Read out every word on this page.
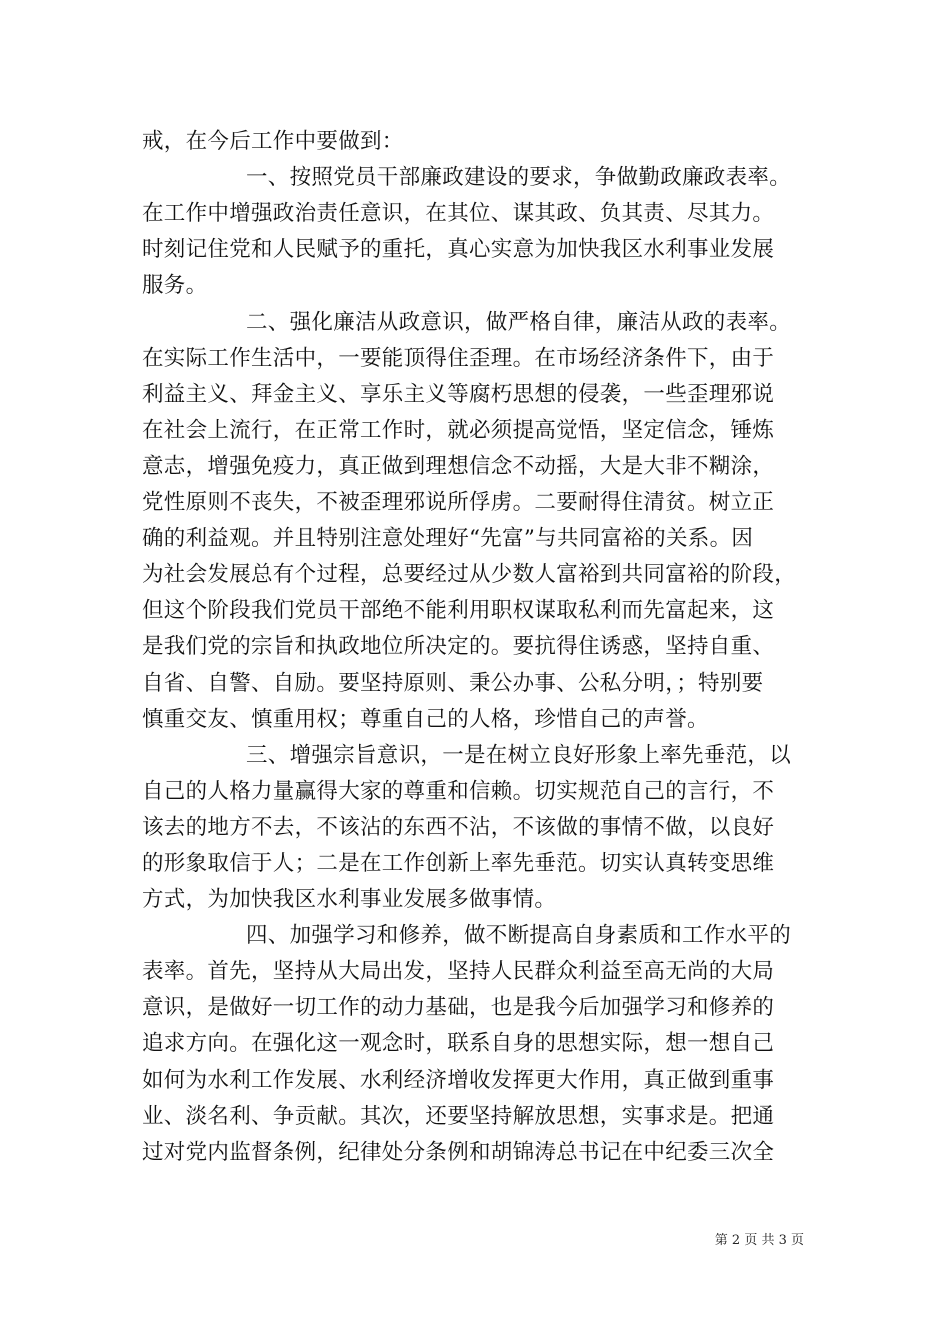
戒，在今后工作中要做到：
一、按照党员干部廉政建设的要求，争做勤政廉政表率。
在工作中增强政治责任意识，在其位、谋其政、负其责、尽其力。
时刻记住党和人民赋予的重托，真心实意为加快我区水利事业发展
服务。
二、强化廉洁从政意识，做严格自律，廉洁从政的表率。
在实际工作生活中，一要能顶得住歪理。在市场经济条件下，由于
利益主义、拜金主义、享乐主义等腐朽思想的侵袭，一些歪理邪说
在社会上流行，在正常工作时，就必须提高觉悟，坚定信念，锤炼
意志，增强免疫力，真正做到理想信念不动摇，大是大非不糊涂，
党性原则不丧失，不被歪理邪说所俘虏。二要耐得住清贫。树立正
确的利益观。并且特别注意处理好“先富”与共同富裕的关系。因
为社会发展总有个过程，总要经过从少数人富裕到共同富裕的阶段，
但这个阶段我们党员干部绝不能利用职权谋取私利而先富起来，这
是我们党的宗旨和执政地位所决定的。要抗得住诱惑，坚持自重、
自省、自警、自励。要坚持原则、秉公办事、公私分明，；特别要
慎重交友、慎重用权；尊重自己的人格，珍惜自己的声誉。
三、增强宗旨意识，一是在树立良好形象上率先垂范，以
自己的人格力量赢得大家的尊重和信赖。切实规范自己的言行，不
该去的地方不去，不该沾的东西不沾，不该做的事情不做，以良好
的形象取信于人；二是在工作创新上率先垂范。切实认真转变思维
方式，为加快我区水利事业发展多做事情。
四、加强学习和修养，做不断提高自身素质和工作水平的
表率。首先，坚持从大局出发，坚持人民群众利益至高无尚的大局
意识，是做好一切工作的动力基础，也是我今后加强学习和修养的
追求方向。在强化这一观念时，联系自身的思想实际，想一想自己
如何为水利工作发展、水利经济增收发挥更大作用，真正做到重事
业、淡名利、争贡献。其次，还要坚持解放思想，实事求是。把通
过对党内监督条例，纪律处分条例和胡锦涛总书记在中纪委三次全
第 2 页 共 3 页
